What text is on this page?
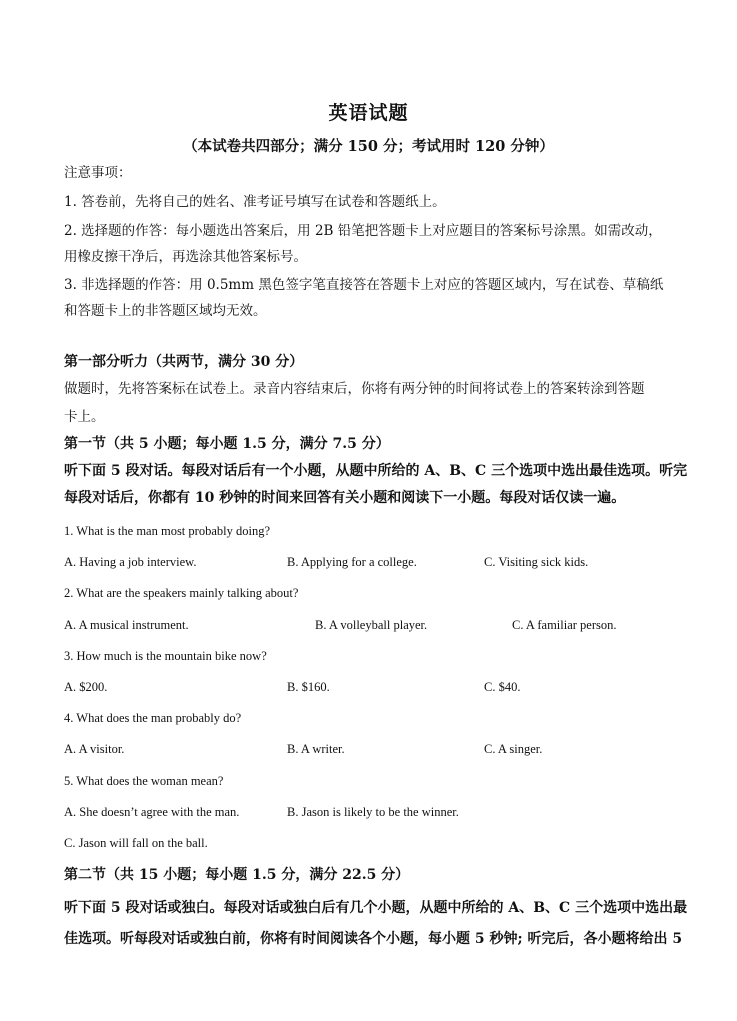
英语试题
（本试卷共四部分；满分 150 分；考试用时 120 分钟）
注意事项：
1. 答卷前，先将自己的姓名、准考证号填写在试卷和答题纸上。
2. 选择题的作答：每小题选出答案后，用 2B 铅笔把答题卡上对应题目的答案标号涂黑。如需改动，
用橡皮擦干净后，再选涂其他答案标号。
3. 非选择题的作答：用 0.5mm 黑色签字笔直接答在答题卡上对应的答题区域内，写在试卷、草稿纸
和答题卡上的非答题区域均无效。
第一部分听力（共两节，满分 30 分）
做题时，先将答案标在试卷上。录音内容结束后，你将有两分钟的时间将试卷上的答案转涂到答题
卡上。
第一节（共 5 小题；每小题 1.5 分，满分 7.5 分）
听下面 5 段对话。每段对话后有一个小题，从题中所给的 A、B、C 三个选项中选出最佳选项。听完
每段对话后，你都有 10 秒钟的时间来回答有关小题和阅读下一小题。每段对话仅读一遍。
1. What is the man most probably doing?
A. Having a job interview.	B. Applying for a college.	C. Visiting sick kids.
2. What are the speakers mainly talking about?
A. A musical instrument.	B. A volleyball player.	C. A familiar person.
3. How much is the mountain bike now?
A. $200.	B. $160.	C. $40.
4. What does the man probably do?
A. A visitor.	B. A writer.	C. A singer.
5. What does the woman mean?
A. She doesn’t agree with the man.	B. Jason is likely to be the winner.
C. Jason will fall on the ball.
第二节（共 15 小题；每小题 1.5 分，满分 22.5 分）
听下面 5 段对话或独白。每段对话或独白后有几个小题，从题中所给的 A、B、C 三个选项中选出最
佳选项。听每段对话或独白前，你将有时间阅读各个小题，每小题 5 秒钟; 听完后，各小题将给出 5
